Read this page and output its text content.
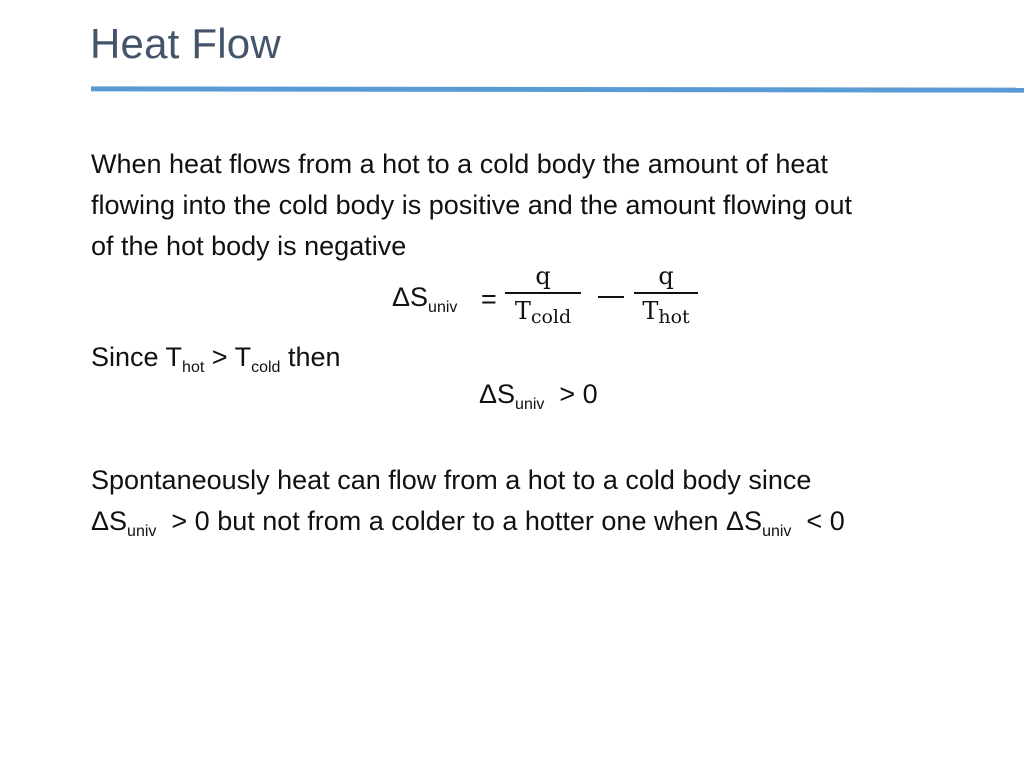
Heat Flow

When heat flows from a hot to a cold body the amount of heat

flowing into the cold body is positive and the amount flowing out

of the hot body is negative

$\Delta S_{univ}$ =
q
$T_{cold}$
q
$T_{hot}$

Since $T_{hot} > T_{cold}$ then

$\Delta S_{univ} > 0$

Spontaneously heat can flow from a hot to a cold body since

$\Delta S_{univ} > 0$ but not from a colder to a hotter one when $\Delta S_{univ} < 0$
